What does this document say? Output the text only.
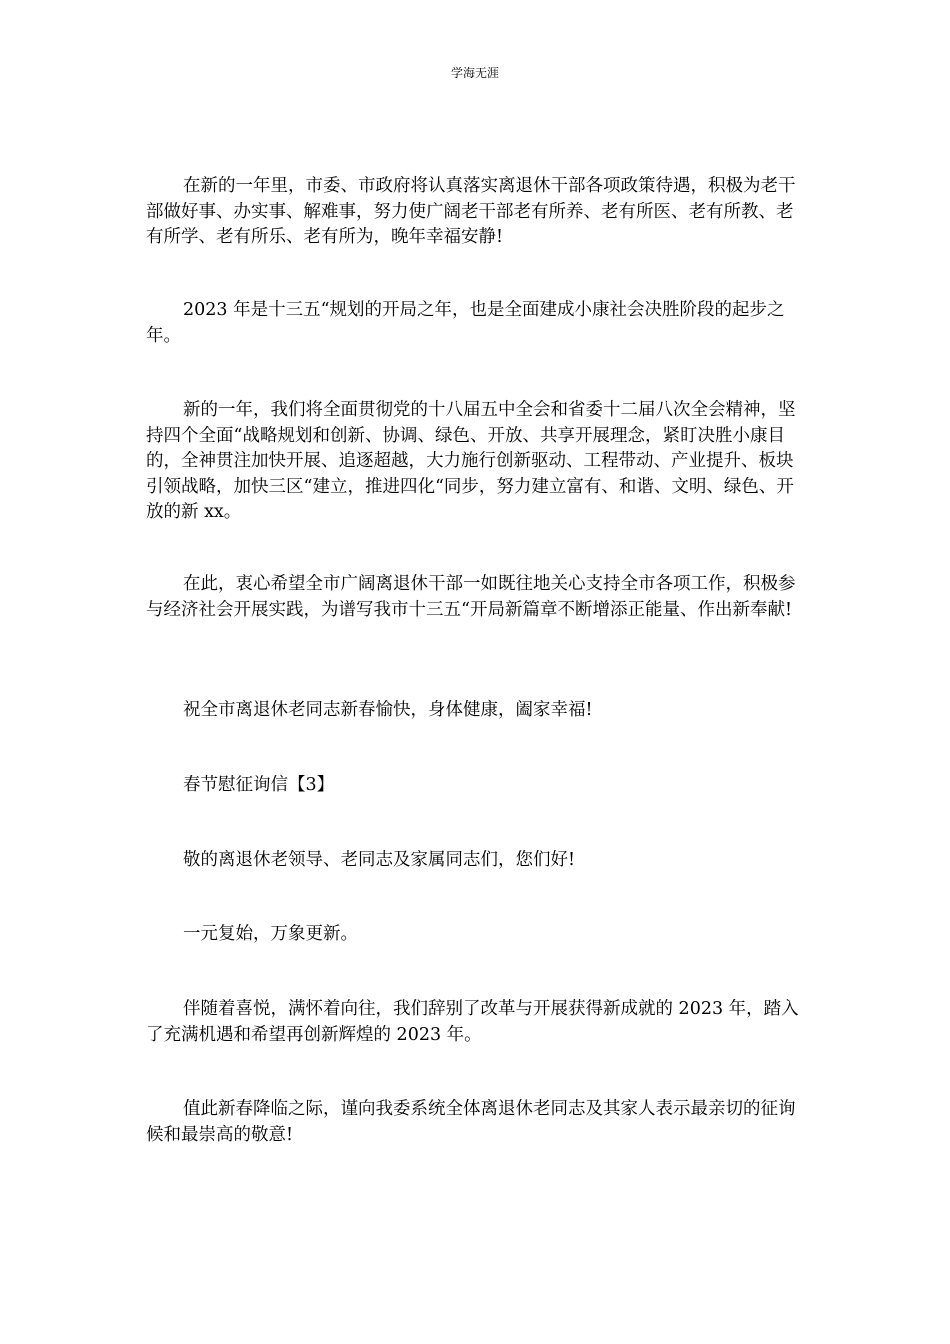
学海无涯

在新的一年里，市委、市政府将认真落实离退休干部各项政策待遇，积极为老干部做好事、办实事、解难事，努力使广阔老干部老有所养、老有所医、老有所教、老有所学、老有所乐、老有所为，晚年幸福安静!

2023 年是十三五“规划的开局之年，也是全面建成小康社会决胜阶段的起步之年。

新的一年，我们将全面贯彻党的十八届五中全会和省委十二届八次全会精神，坚持四个全面“战略规划和创新、协调、绿色、开放、共享开展理念，紧盯决胜小康目的，全神贯注加快开展、追逐超越，大力施行创新驱动、工程带动、产业提升、板块引领战略，加快三区“建立，推进四化“同步，努力建立富有、和谐、文明、绿色、开放的新 xx。

在此，衷心希望全市广阔离退休干部一如既往地关心支持全市各项工作，积极参与经济社会开展实践，为谱写我市十三五“开局新篇章不断增添正能量、作出新奉献!

祝全市离退休老同志新春愉快，身体健康，阖家幸福!

春节慰征询信【3】

敬的离退休老领导、老同志及家属同志们，您们好!

一元复始，万象更新。

伴随着喜悦，满怀着向往，我们辞别了改革与开展获得新成就的 2023 年，踏入了充满机遇和希望再创新辉煌的 2023 年。

值此新春降临之际，谨向我委系统全体离退休老同志及其家人表示最亲切的征询候和最崇高的敬意!
